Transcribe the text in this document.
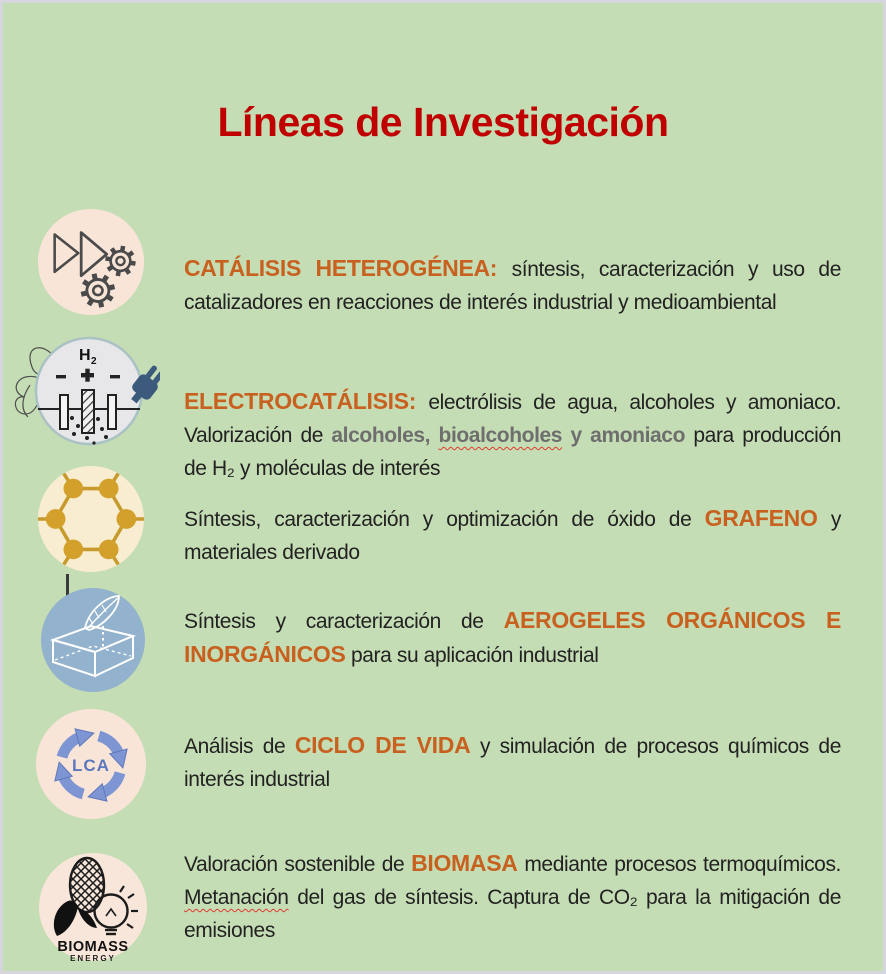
Líneas de Investigación
H 2
LCA
BIOMASS
ENERGY
CATÁLISIS HETEROGÉNEA: síntesis, caracterización y uso de catalizadores en reacciones de interés industrial y medioambiental
ELECTROCATÁLISIS: electrólisis de agua, alcoholes y amoniaco. Valorización de alcoholes, bioalcoholes y amoniaco para producción de H₂ y moléculas de interés
Síntesis, caracterización y optimización de óxido de GRAFENO y materiales derivado
Síntesis y caracterización de AEROGELES ORGÁNICOS E INORGÁNICOS para su aplicación industrial
Análisis de CICLO DE VIDA y simulación de procesos químicos de interés industrial
Valoración sostenible de BIOMASA mediante procesos termoquímicos. Metanación del gas de síntesis. Captura de CO₂ para la mitigación de emisiones
